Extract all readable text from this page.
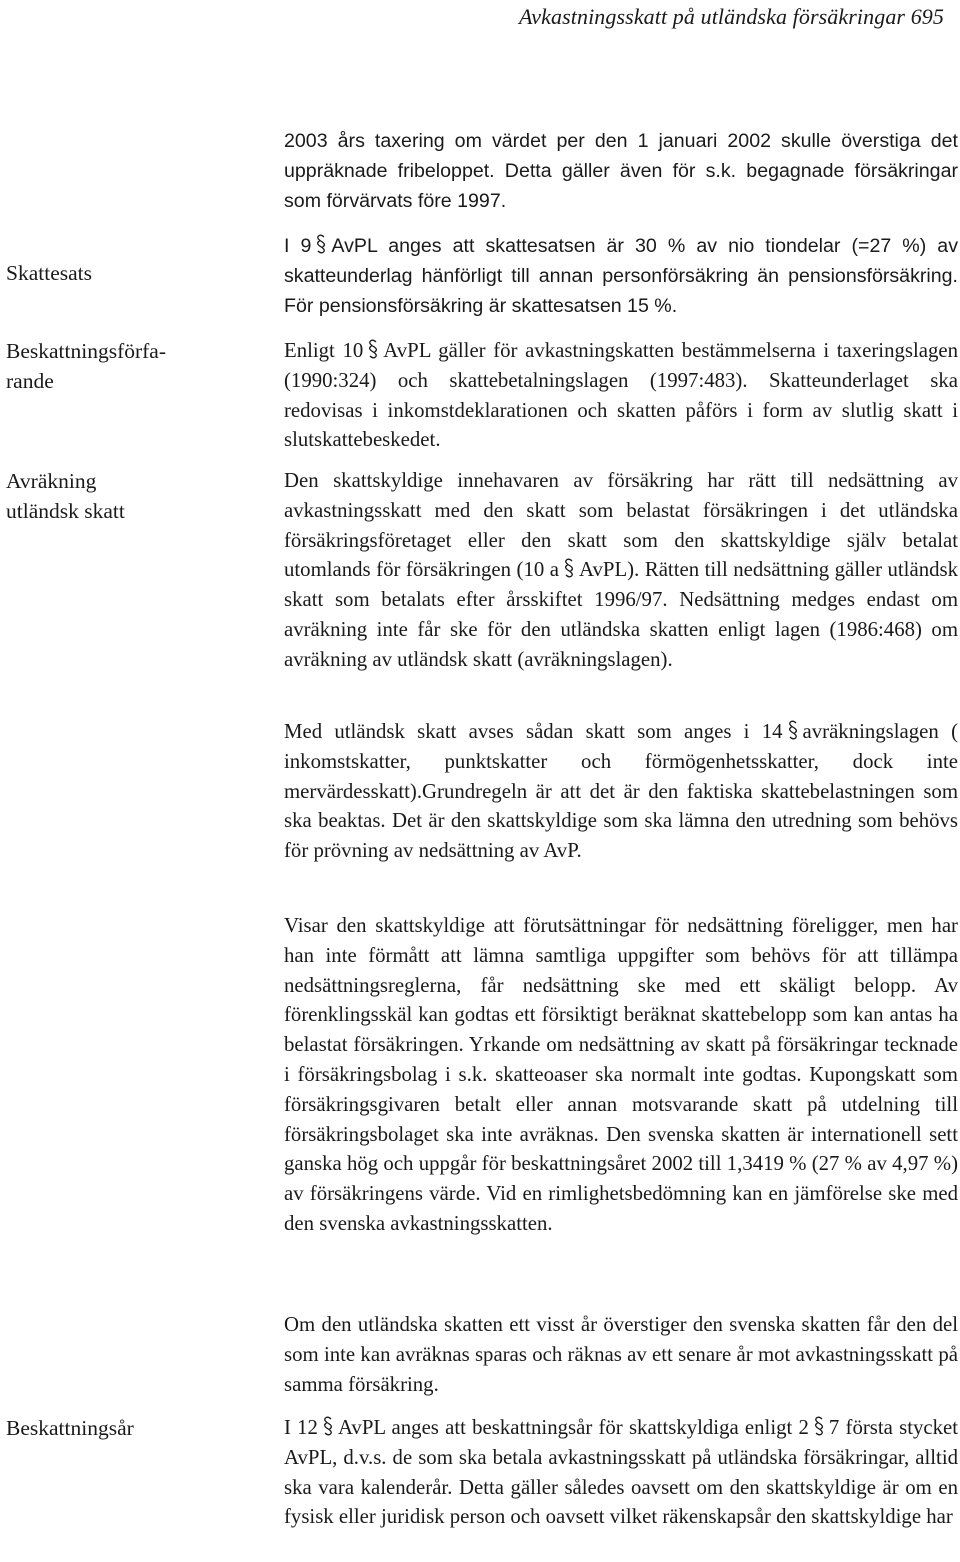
Avkastningsskatt på utländska försäkringar 695
Skattesats
Beskattningsförfa-
rande
Avräkning
utländsk skatt
Beskattningsår

2003 års taxering om värdet per den 1 januari 2002 skulle överstiga det uppräknade fribeloppet. Detta gäller även för s.k. begagnade försäkringar som förvärvats före 1997.

I 9 AvPL anges att skattesatsen är 30 % av nio tiondelar (=27 %) av skatteunderlag hänförligt till annan personförsäkring än pensionsförsäkring. För pensionsförsäkring är skattesatsen 15 %.

Enligt 10 AvPL gäller för avkastningskatten bestämmelserna i taxeringslagen (1990:324) och skattebetalningslagen (1997:483). Skatteunderlaget ska redovisas i inkomstdeklarationen och skatten påförs i form av slutlig skatt i slutskattebeskedet.

Den skattskyldige innehavaren av försäkring har rätt till nedsättning av avkastningsskatt med den skatt som belastat försäkringen i det utländska försäkringsföretaget eller den skatt som den skattskyldige själv betalat utomlands för försäkringen (10 a AvPL). Rätten till nedsättning gäller utländsk skatt som betalats efter årsskiftet 1996/97. Nedsättning medges endast om avräkning inte får ske för den utländska skatten enligt lagen (1986:468) om avräkning av utländsk skatt (avräkningslagen).

Med utländsk skatt avses sådan skatt som anges i 14 avräkningslagen ( inkomstskatter, punktskatter och förmögenhetsskatter, dock inte mervärdesskatt).Grundregeln är att det är den faktiska skattebelastningen som ska beaktas. Det är den skattskyldige som ska lämna den utredning som behövs för prövning av nedsättning av AvP.

Visar den skattskyldige att förutsättningar för nedsättning föreligger, men har han inte förmått att lämna samtliga uppgifter som behövs för att tillämpa nedsättningsreglerna, får nedsättning ske med ett skäligt belopp. Av förenklingsskäl kan godtas ett försiktigt beräknat skattebelopp som kan antas ha belastat försäkringen. Yrkande om nedsättning av skatt på försäkringar tecknade i försäkringsbolag i s.k. skatteoaser ska normalt inte godtas. Kupongskatt som försäkringsgivaren betalt eller annan motsvarande skatt på utdelning till försäkringsbolaget ska inte avräknas. Den svenska skatten är internationell sett ganska hög och uppgår för beskattningsåret 2002 till 1,3419 % (27 % av 4,97 %) av försäkringens värde. Vid en rimlighetsbedömning kan en jämförelse ske med den svenska avkastningsskatten.

Om den utländska skatten ett visst år överstiger den svenska skatten får den del som inte kan avräknas sparas och räknas av ett senare år mot avkastningsskatt på samma försäkring.

I 12 AvPL anges att beskattningsår för skattskyldiga enligt 2 7 första stycket AvPL, d.v.s. de som ska betala avkastningsskatt på utländska försäkringar, alltid ska vara kalenderår. Detta gäller således oavsett om den skattskyldige är om en fysisk eller juridisk person och oavsett vilket räkenskapsår den skattskyldige har
